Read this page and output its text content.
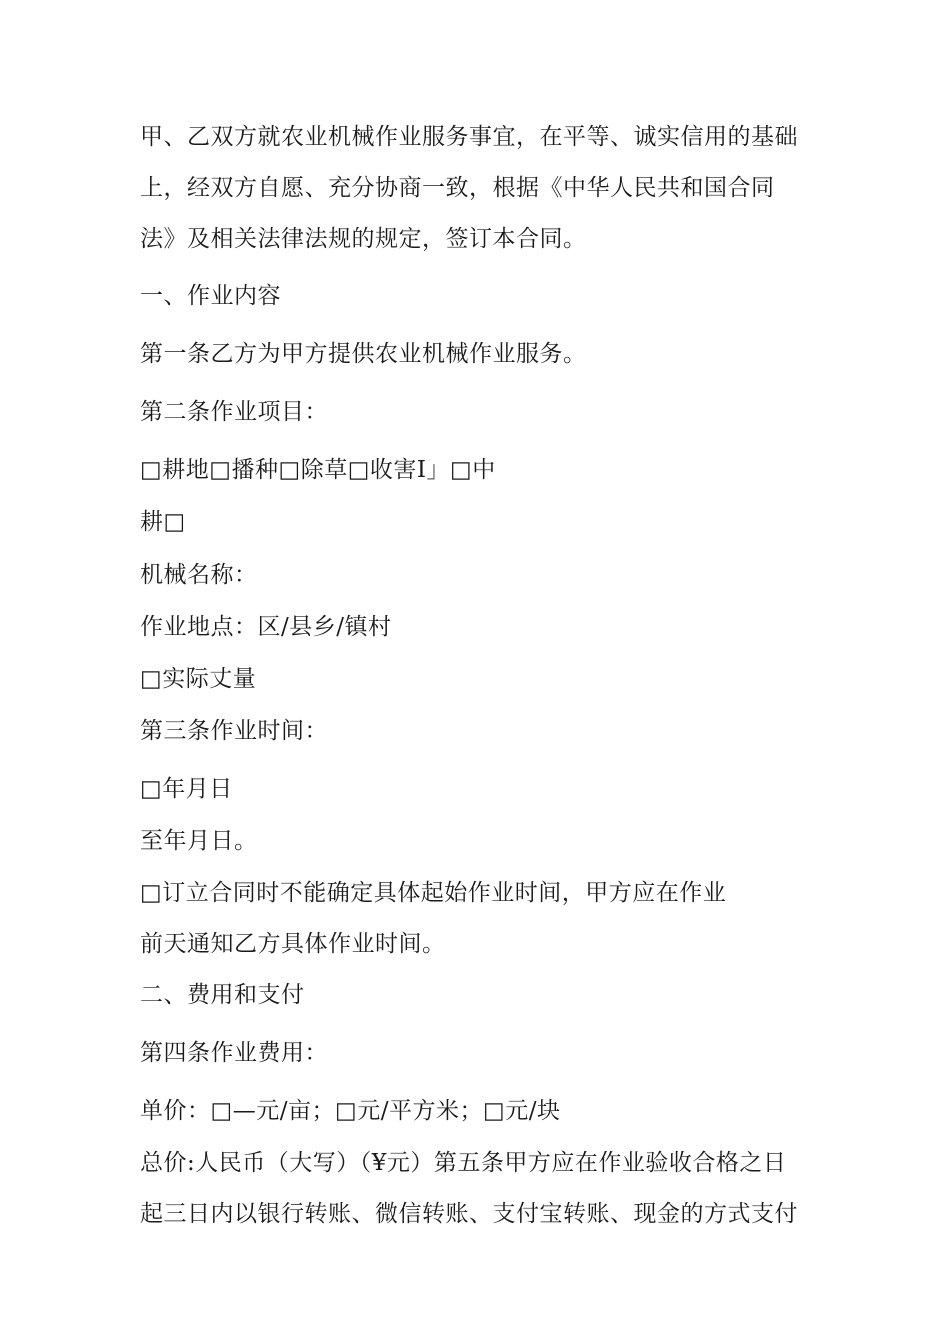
甲、乙双方就农业机械作业服务事宜，在平等、诚实信用的基础
上，经双方自愿、充分协商一致，根据《中华人民共和国合同
法》及相关法律法规的规定，签订本合同。
一、作业内容
第一条乙方为甲方提供农业机械作业服务。
第二条作业项目：
□耕地□播种□除草□收害Ⅰ」□中
耕□
机械名称：
作业地点：区/县乡/镇村
□实际丈量
第三条作业时间：
□年月日
至年月日。
□订立合同时不能确定具体起始作业时间，甲方应在作业
前天通知乙方具体作业时间。
二、费用和支付
第四条作业费用：
单价：□—元/亩；□元/平方米；□元/块
总价:人民币（大写）（¥元）第五条甲方应在作业验收合格之日
起三日内以银行转账、微信转账、支付宝转账、现金的方式支付
